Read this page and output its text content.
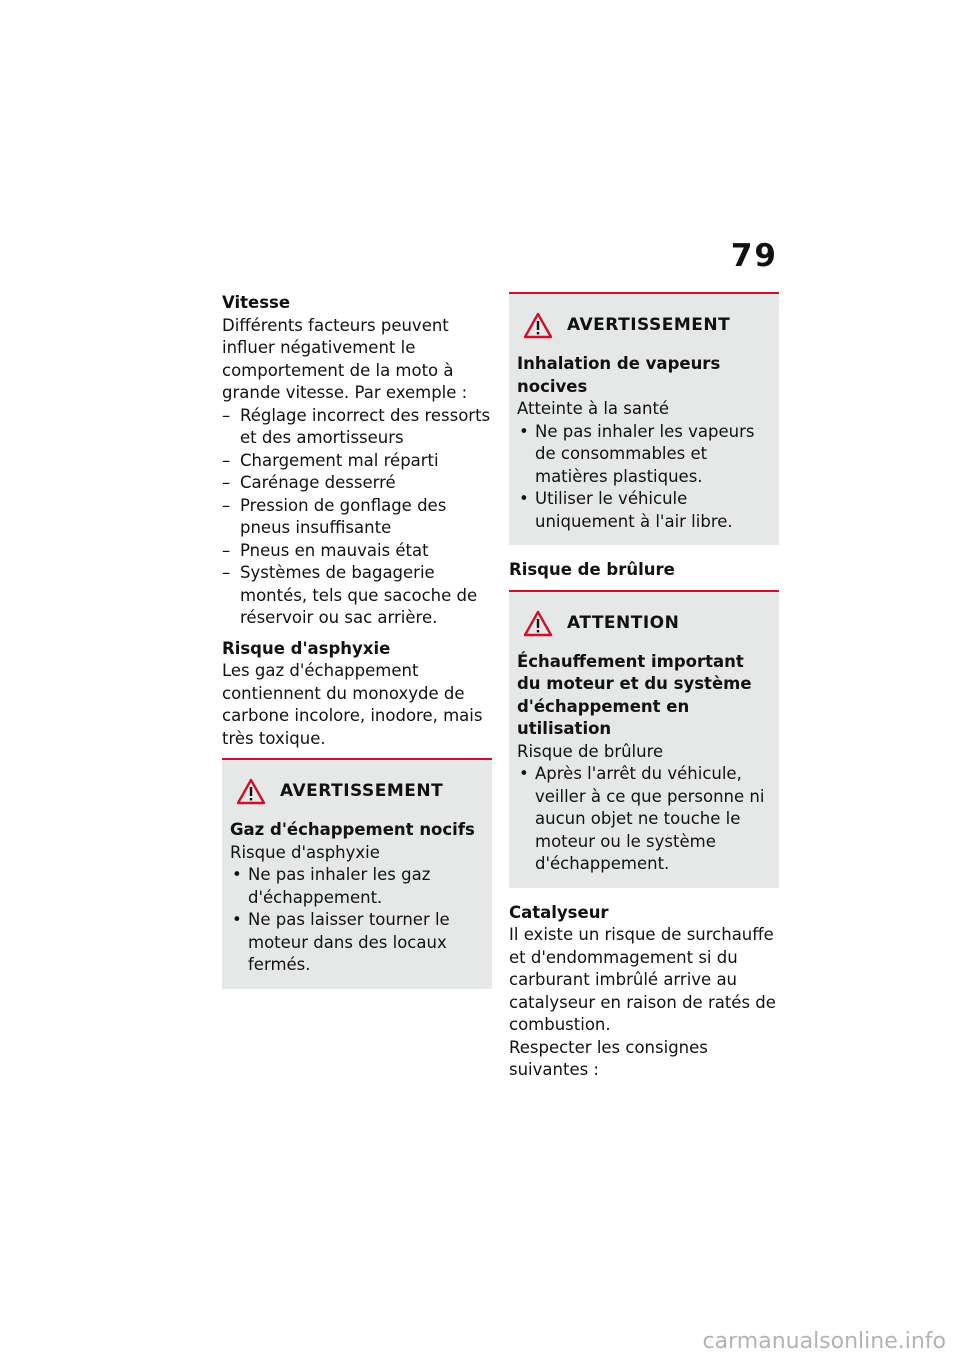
79
Vitesse

Différents facteurs peuvent influer négativement le comportement de la moto à grande vitesse. Par exemple :

– Réglage incorrect des ressorts et des amortisseurs
– Chargement mal réparti
– Carénage desserré
– Pression de gonflage des pneus insuffisante
– Pneus en mauvais état
– Systèmes de bagagerie montés, tels que sacoche de réservoir ou sac arrière.
Risque d'asphyxie

Les gaz d'échappement contiennent du monoxyde de carbone incolore, inodore, mais très toxique.

AVERTISSEMENT
Gaz d'échappement nocifs
Risque d'asphyxie
• Ne pas inhaler les gaz d'échappement.
• Ne pas laisser tourner le moteur dans des locaux fermés.
AVERTISSEMENT
Inhalation de vapeurs nocives
Atteinte à la santé
• Ne pas inhaler les vapeurs de consommables et matières plastiques.
• Utiliser le véhicule uniquement à l'air libre.
Risque de brûlure
ATTENTION
Échauffement important du moteur et du système d'échappement en utilisation
Risque de brûlure
• Après l'arrêt du véhicule, veiller à ce que personne ni aucun objet ne touche le moteur ou le système d'échappement.
Catalyseur

Il existe un risque de surchauffe et d'endommagement si du carburant imbrûlé arrive au catalyseur en raison de ratés de combustion.

Respecter les consignes suivantes :

carmanualsonline.info
